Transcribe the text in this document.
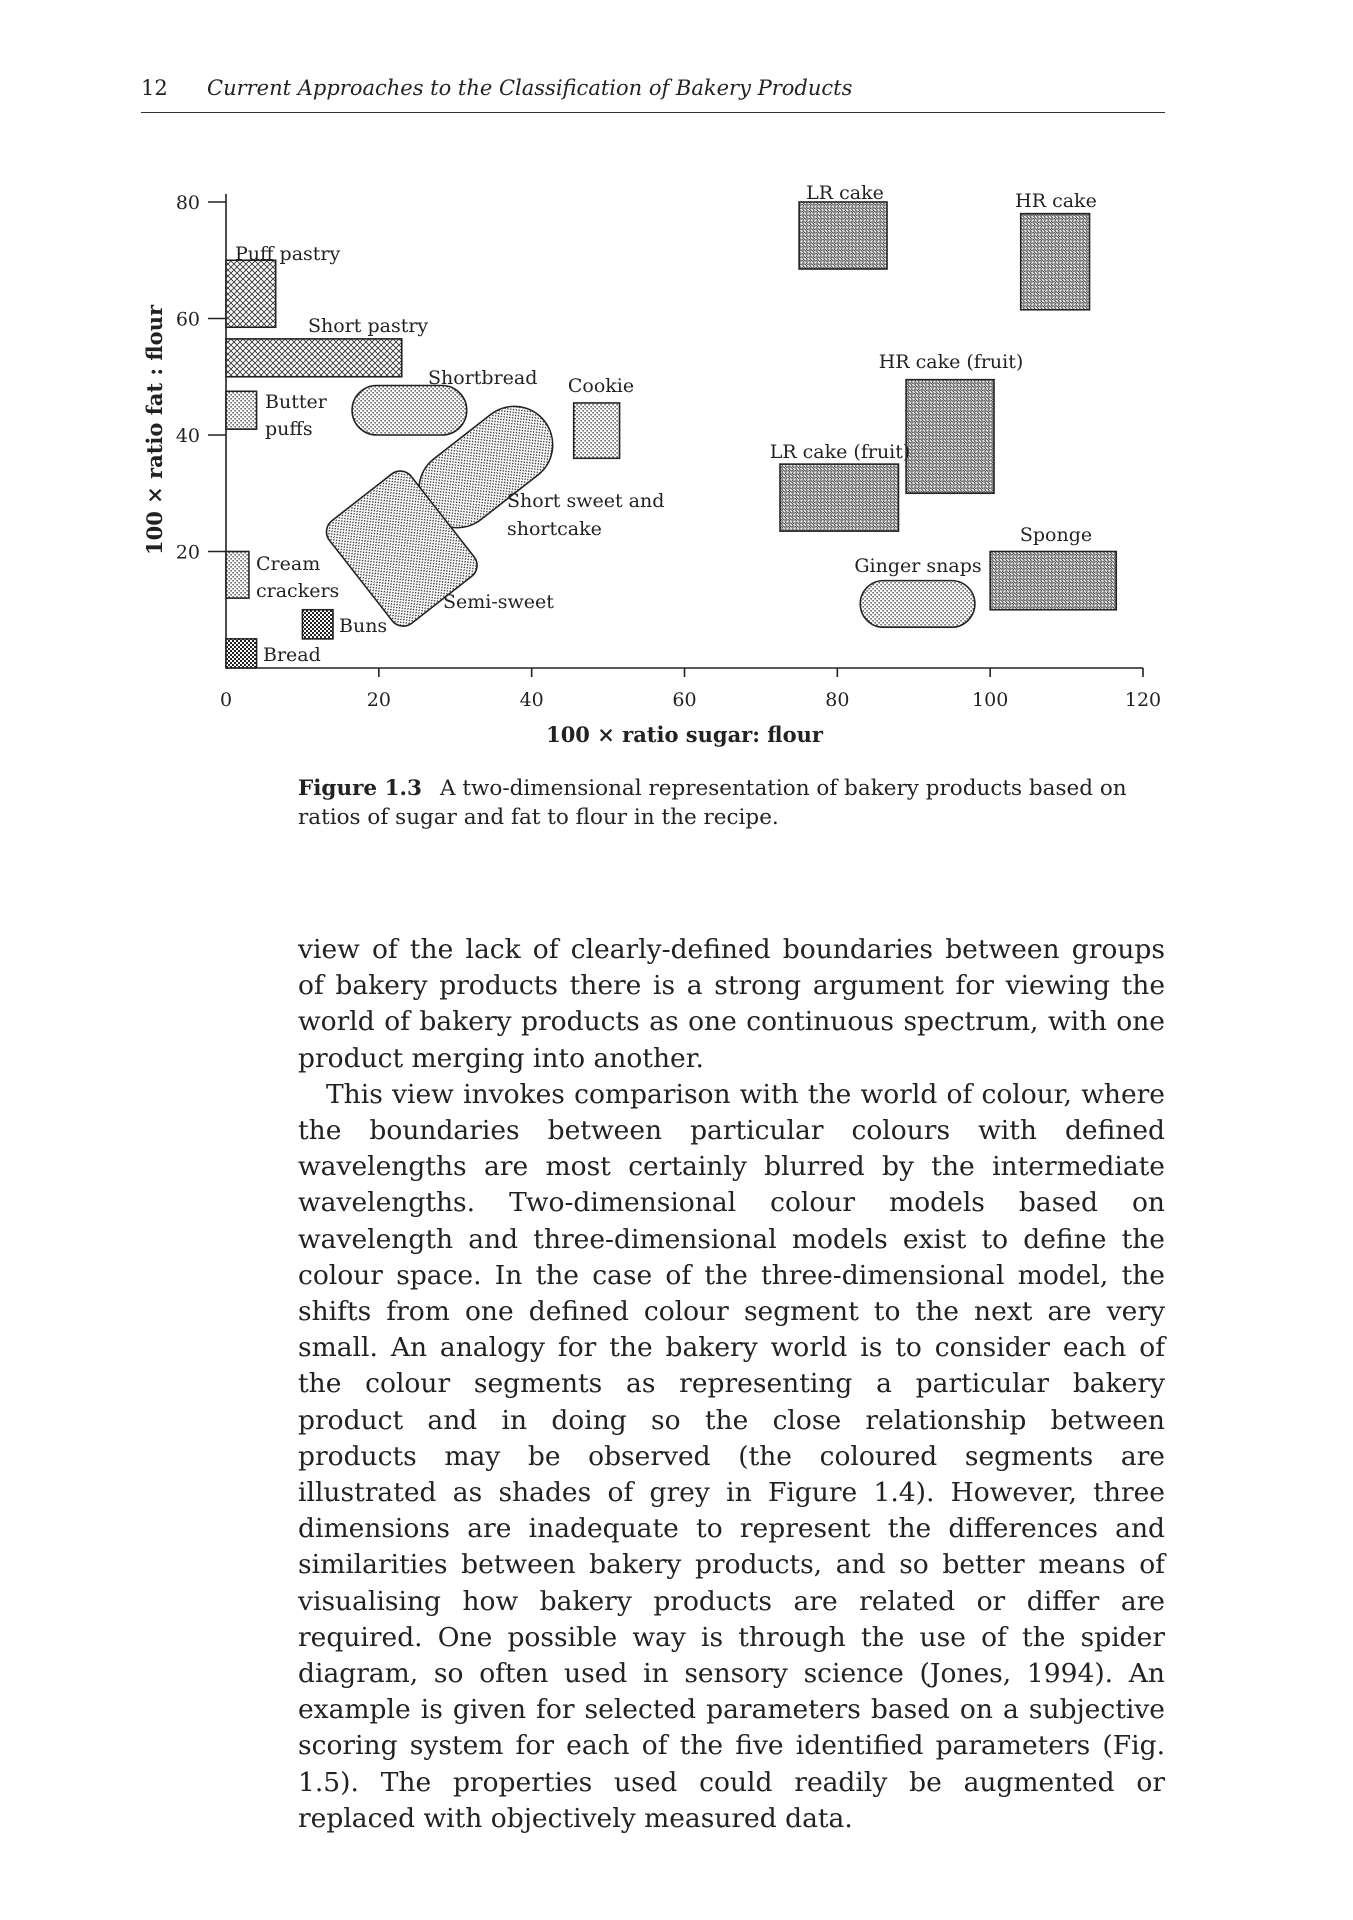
12 Current Approaches to the Classification of Bakery Products
0	20	40	60	80	100	120
20
40
60
80
100 × ratio sugar: flour
100 × ratio fat : flour
Puff pastry
Short pastry
Butter
puffs
Shortbread Cookie
Short sweet and
shortcake
Semi-sweet
Cream
crackers
Buns
Bread
LR cake	HR cake
HR cake (fruit)
LR cake (fruit)
Ginger snaps
Sponge
Figure 1.3 A two-dimensional representation of bakery products based on ratios of sugar and fat to flour in the recipe.

view of the lack of clearly-defined boundaries between groups of bakery products there is a strong argument for viewing the world of bakery products as one continuous spectrum, with one product merging into another.

This view invokes comparison with the world of colour, where the boundaries between particular colours with defined wavelengths are most certainly blurred by the intermediate wavelengths. Two-dimensional colour models based on wavelength and three-dimensional models exist to define the colour space. In the case of the three-dimensional model, the shifts from one defined colour segment to the next are very small. An analogy for the bakery world is to consider each of the colour segments as representing a particular bakery product and in doing so the close relationship between products may be observed (the coloured segments are illustrated as shades of grey in Figure 1.4). However, three dimensions are inadequate to represent the differences and similarities between bakery products, and so better means of visualising how bakery products are related or differ are required. One possible way is through the use of the spider diagram, so often used in sensory science (Jones, 1994). An example is given for selected parameters based on a subjective scoring system for each of the five identified parameters (Fig. 1.5). The properties used could readily be augmented or replaced with objectively measured data.
